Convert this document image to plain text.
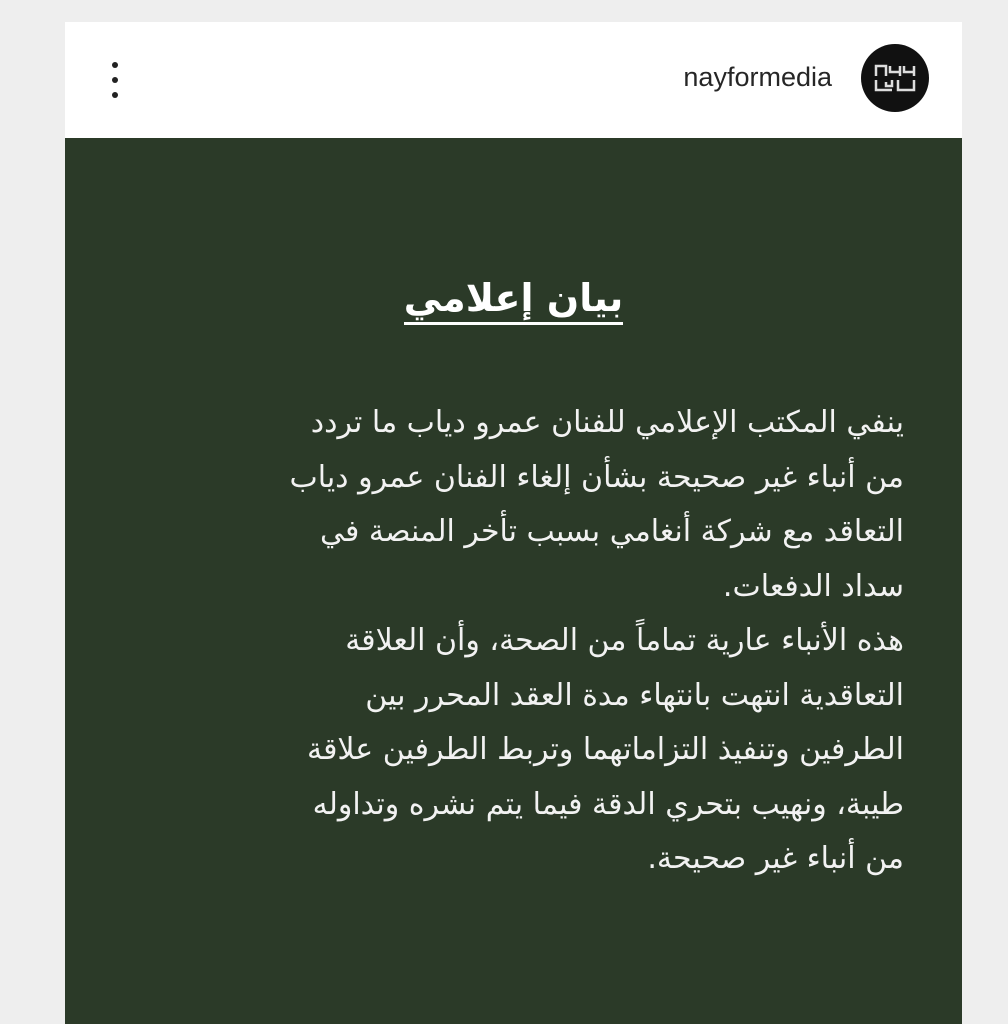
nayformedia
بيان إعلامي
ينفي المكتب الإعلامي للفنان عمرو دياب ما تردد
من أنباء غير صحيحة بشأن إلغاء الفنان عمرو دياب
التعاقد مع شركة أنغامي بسبب تأخر المنصة في
سداد الدفعات.
هذه الأنباء عارية تماماً من الصحة، وأن العلاقة
التعاقدية انتهت بانتهاء مدة العقد المحرر بين
الطرفين وتنفيذ التزاماتهما وتربط الطرفين علاقة
طيبة، ونهيب بتحري الدقة فيما يتم نشره وتداوله
من أنباء غير صحيحة.
